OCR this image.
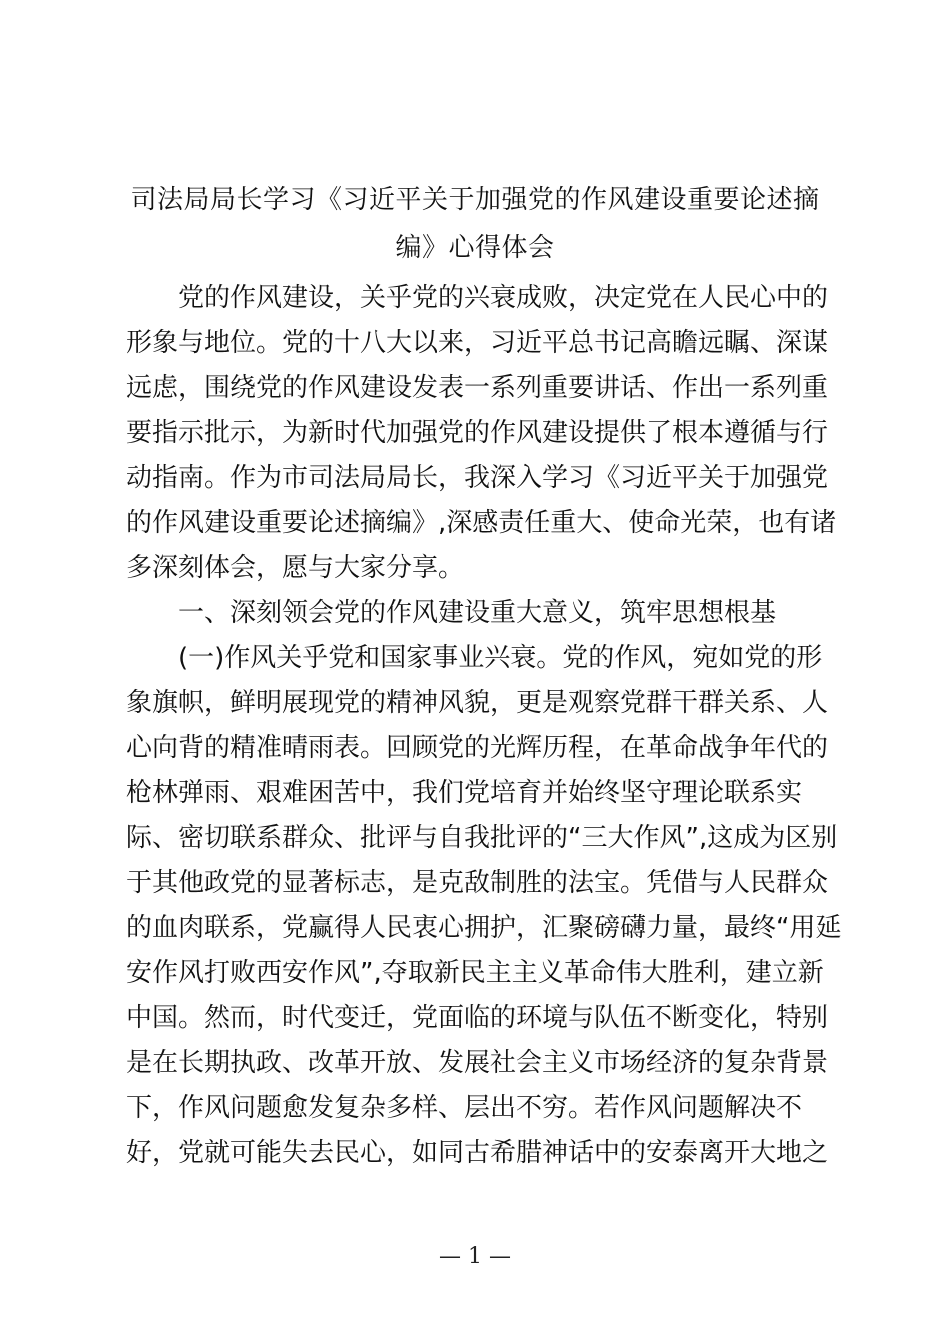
司法局局长学习《习近平关于加强党的作风建设重要论述摘
编》心得体会
　　党的作风建设，关乎党的兴衰成败，决定党在人民心中的
形象与地位。党的十八大以来，习近平总书记高瞻远瞩、深谋
远虑，围绕党的作风建设发表一系列重要讲话、作出一系列重
要指示批示，为新时代加强党的作风建设提供了根本遵循与行
动指南。作为市司法局局长，我深入学习《习近平关于加强党
的作风建设重要论述摘编》,深感责任重大、使命光荣，也有诸
多深刻体会，愿与大家分享。
　　一、深刻领会党的作风建设重大意义，筑牢思想根基
　　(一)作风关乎党和国家事业兴衰。党的作风，宛如党的形
象旗帜，鲜明展现党的精神风貌，更是观察党群干群关系、人
心向背的精准晴雨表。回顾党的光辉历程，在革命战争年代的
枪林弹雨、艰难困苦中，我们党培育并始终坚守理论联系实
际、密切联系群众、批评与自我批评的“三大作风”,这成为区别
于其他政党的显著标志，是克敌制胜的法宝。凭借与人民群众
的血肉联系，党赢得人民衷心拥护，汇聚磅礴力量，最终“用延
安作风打败西安作风”,夺取新民主主义革命伟大胜利，建立新
中国。然而，时代变迁，党面临的环境与队伍不断变化，特别
是在长期执政、改革开放、发展社会主义市场经济的复杂背景
下，作风问题愈发复杂多样、层出不穷。若作风问题解决不
好，党就可能失去民心，如同古希腊神话中的安泰离开大地之
— 1 —
